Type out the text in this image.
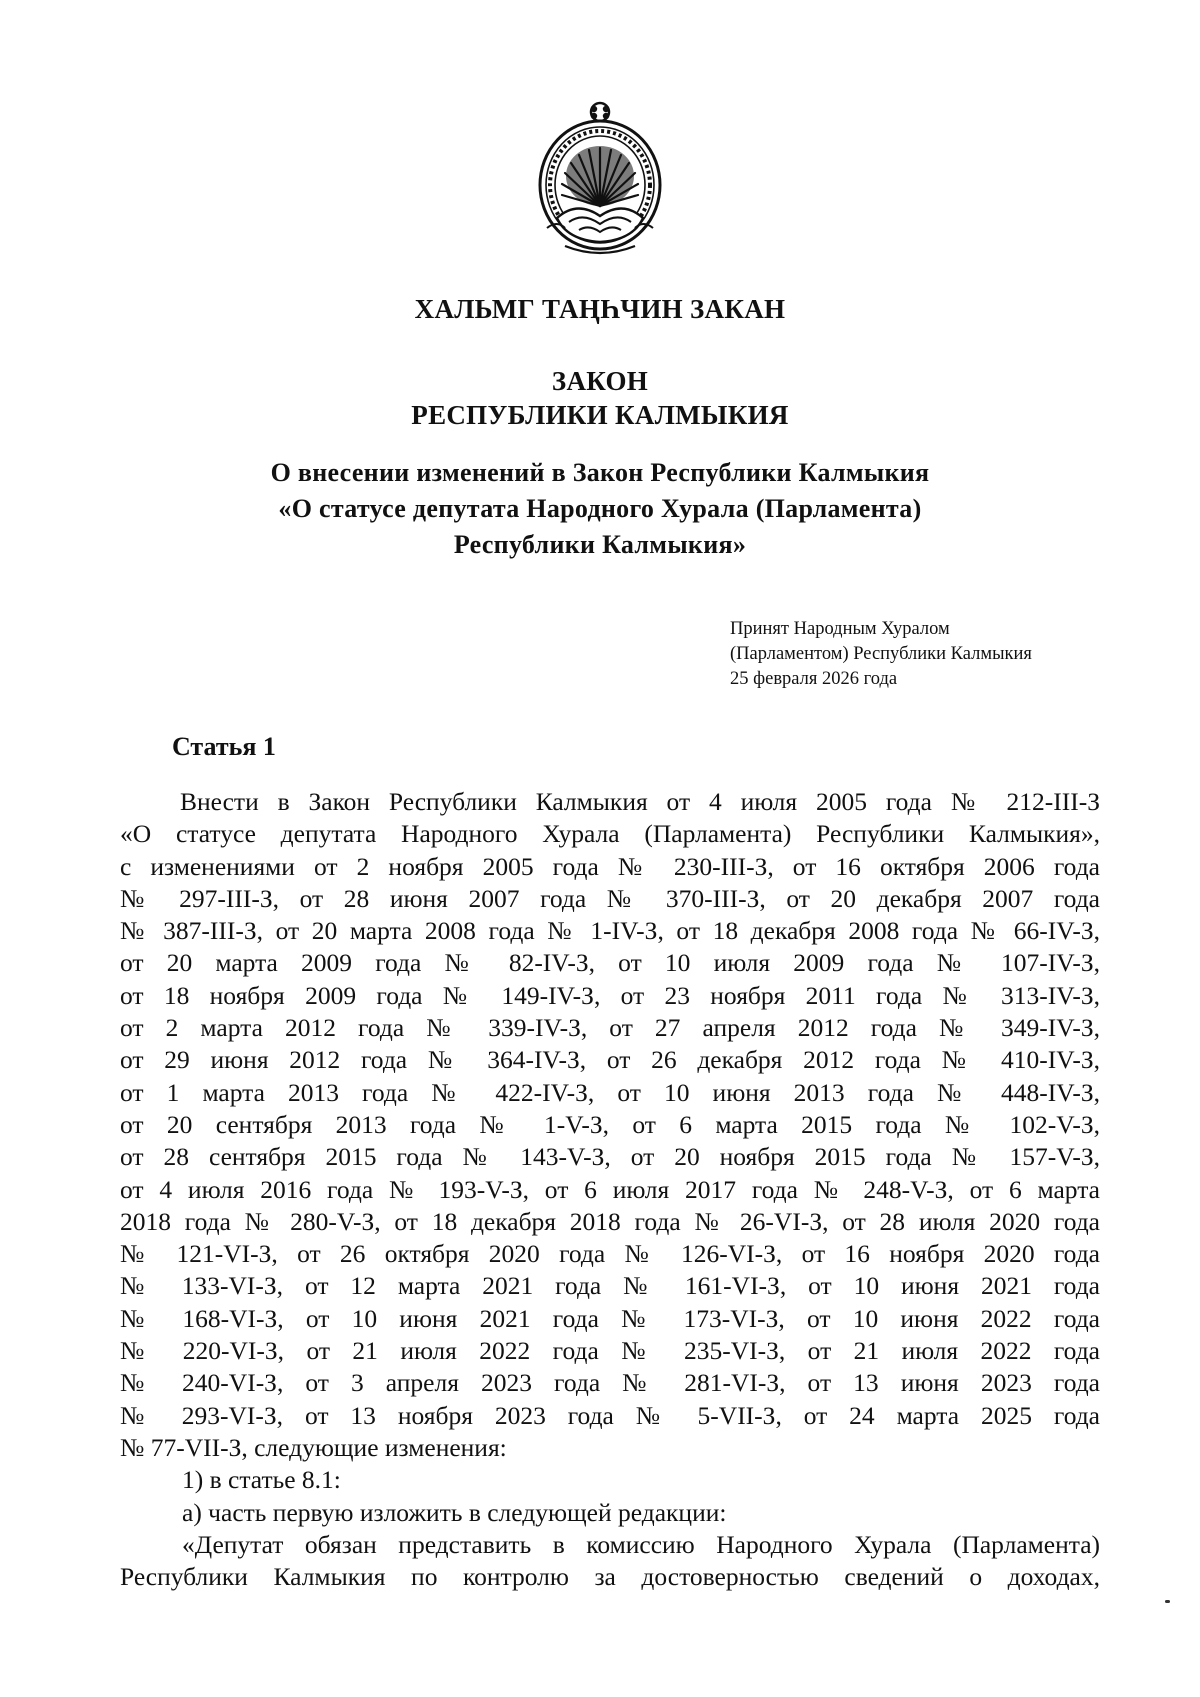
ХАЛЬМГ ТАҢҺЧИН ЗАКАН
ЗАКОН
РЕСПУБЛИКИ КАЛМЫКИЯ
О внесении изменений в Закон Республики Калмыкия
«О статусе депутата Народного Хурала (Парламента)
Республики Калмыкия»
Принят Народным Хуралом
(Парламентом) Республики Калмыкия
25 февраля 2026 года
Статья 1
Внести в Закон Республики Калмыкия от 4 июля 2005 года № 212-III-З
«О статусе депутата Народного Хурала (Парламента) Республики Калмыкия»,
с изменениями от 2 ноября 2005 года № 230-III-З, от 16 октября 2006 года
№ 297-III-З, от 28 июня 2007 года № 370-III-З, от 20 декабря 2007 года
№ 387-III-З, от 20 марта 2008 года № 1-IV-З, от 18 декабря 2008 года № 66-IV-З,
от 20 марта 2009 года № 82-IV-З, от 10 июля 2009 года № 107-IV-З,
от 18 ноября 2009 года № 149-IV-З, от 23 ноября 2011 года № 313-IV-З,
от 2 марта 2012 года № 339-IV-З, от 27 апреля 2012 года № 349-IV-З,
от 29 июня 2012 года № 364-IV-З, от 26 декабря 2012 года № 410-IV-З,
от 1 марта 2013 года № 422-IV-З, от 10 июня 2013 года № 448-IV-З,
от 20 сентября 2013 года № 1-V-З, от 6 марта 2015 года № 102-V-З,
от 28 сентября 2015 года № 143-V-З, от 20 ноября 2015 года № 157-V-З,
от 4 июля 2016 года № 193-V-З, от 6 июля 2017 года № 248-V-З, от 6 марта
2018 года № 280-V-З, от 18 декабря 2018 года № 26-VI-З, от 28 июля 2020 года
№ 121-VI-З, от 26 октября 2020 года № 126-VI-З, от 16 ноября 2020 года
№ 133-VI-З, от 12 марта 2021 года № 161-VI-З, от 10 июня 2021 года
№ 168-VI-З, от 10 июня 2021 года № 173-VI-З, от 10 июня 2022 года
№ 220-VI-З, от 21 июля 2022 года № 235-VI-З, от 21 июля 2022 года
№ 240-VI-З, от 3 апреля 2023 года № 281-VI-З, от 13 июня 2023 года
№ 293-VI-З, от 13 ноября 2023 года № 5-VII-З, от 24 марта 2025 года
№ 77-VII-З, следующие изменения:
1) в статье 8.1:
а) часть первую изложить в следующей редакции:
«Депутат обязан представить в комиссию Народного Хурала (Парламента)
Республики Калмыкия по контролю за достоверностью сведений о доходах,
